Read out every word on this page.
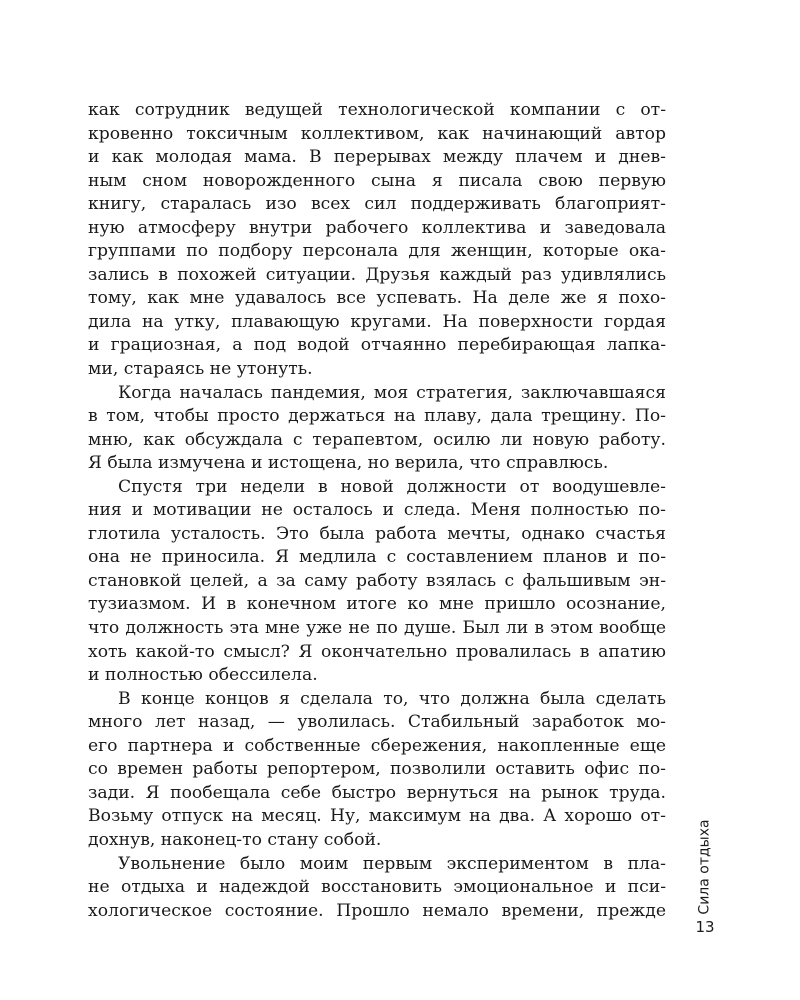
как сотрудник ведущей технологической компании с от-

кровенно токсичным коллективом, как начинающий автор

и как молодая мама. В перерывах между плачем и днев-

ным сном новорожденного сына я писала свою первую

книгу, старалась изо всех сил поддерживать благоприят-

ную атмосферу внутри рабочего коллектива и заведовала

группами по подбору персонала для женщин, которые ока-

зались в похожей ситуации. Друзья каждый раз удивлялись

тому, как мне удавалось все успевать. На деле же я похо-

дила на утку, плавающую кругами. На поверхности гордая

и грациозная, а под водой отчаянно перебирающая лапка-

ми, стараясь не утонуть.

Когда началась пандемия, моя стратегия, заключавшаяся

в том, чтобы просто держаться на плаву, дала трещину. По-

мню, как обсуждала с терапевтом, осилю ли новую работу.

Я была измучена и истощена, но верила, что справлюсь.

Спустя три недели в новой должности от воодушевле-

ния и мотивации не осталось и следа. Меня полностью по-

глотила усталость. Это была работа мечты, однако счастья

она не приносила. Я медлила с составлением планов и по-

становкой целей, а за саму работу взялась с фальшивым эн-

тузиазмом. И в конечном итоге ко мне пришло осознание,

что должность эта мне уже не по душе. Был ли в этом вообще

хоть какой-то смысл? Я окончательно провалилась в апатию

и полностью обессилела.

В конце концов я сделала то, что должна была сделать

много лет назад, — уволилась. Стабильный заработок мо-

его партнера и собственные сбережения, накопленные еще

со времен работы репортером, позволили оставить офис по-

зади. Я пообещала себе быстро вернуться на рынок труда.

Возьму отпуск на месяц. Ну, максимум на два. А хорошо от-

дохнув, наконец-то стану собой.

Увольнение было моим первым экспериментом в пла-

не отдыха и надеждой восстановить эмоциональное и пси-

хологическое состояние. Прошло немало времени, прежде Сила отдыха
13
